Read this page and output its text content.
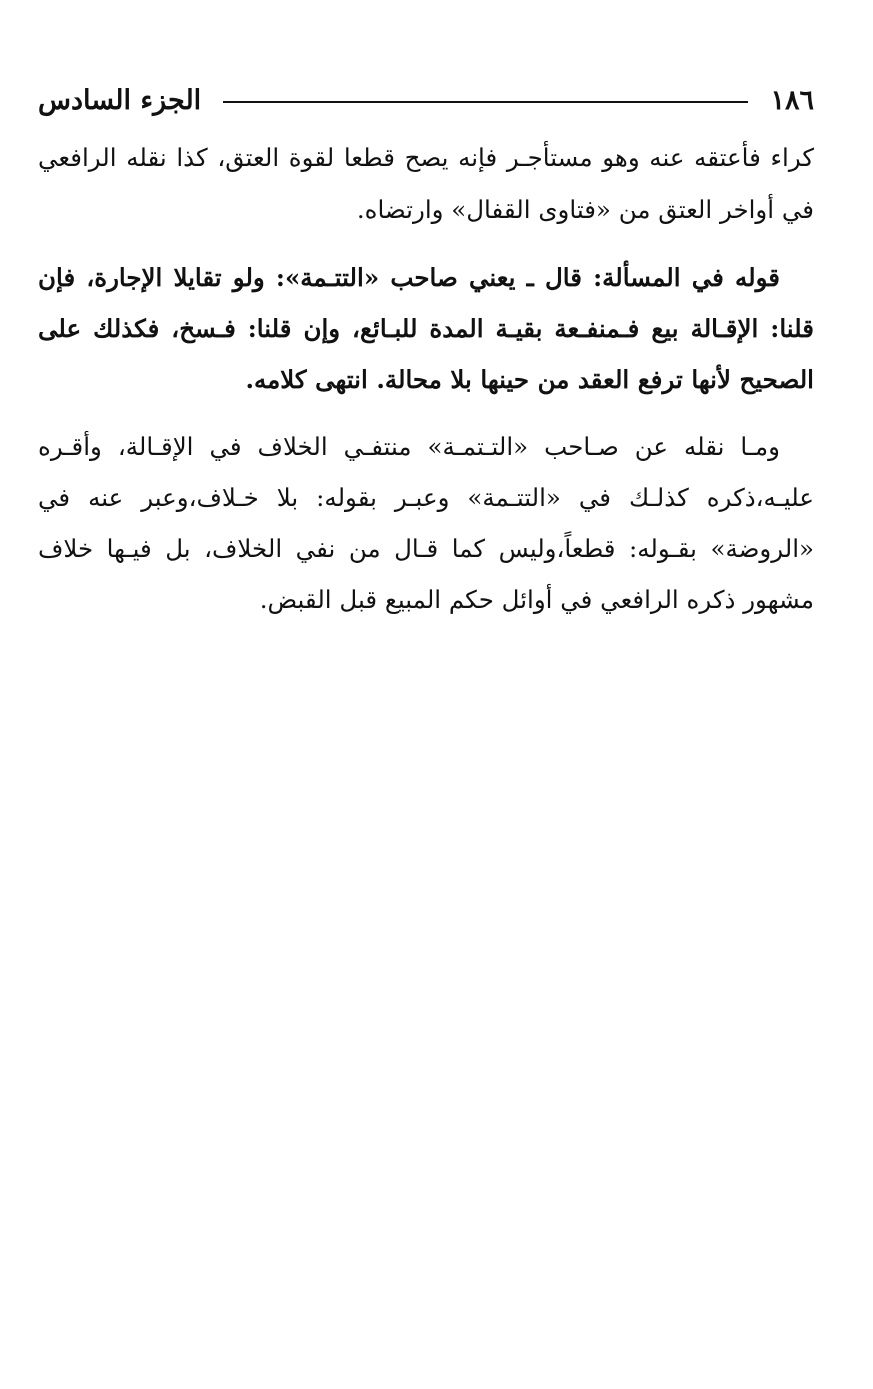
١٨٦
الجزء السادس

كراء فأعتقه عنه وهو مستأجـر فإنه يصح قطعا لقوة العتق، كذا نقله الرافعي في أواخر العتق من «فتاوى القفال» وارتضاه.

قوله في المسألة: قال ـ يعني صاحب «التتـمة»: ولو تقايلا الإجارة، فإن قلنا: الإقـالة بيع فـمنفـعة بقيـة المدة للبـائع، وإن قلنا: فـسخ، فكذلك على الصحيح لأنها ترفع العقد من حينها بلا محالة. انتهى كلامه.

ومـا نقله عن صـاحب «التـتمـة» منتفـي الخلاف في الإقـالة، وأقـره عليـه،ذكره كذلـك في «التتـمة» وعبـر بقوله: بلا خـلاف،وعبر عنه في «الروضة» بقـوله: قطعاً،وليس كما قـال من نفي الخلاف، بل فيـها خلاف مشهور ذكره الرافعي في أوائل حكم المبيع قبل القبض.
